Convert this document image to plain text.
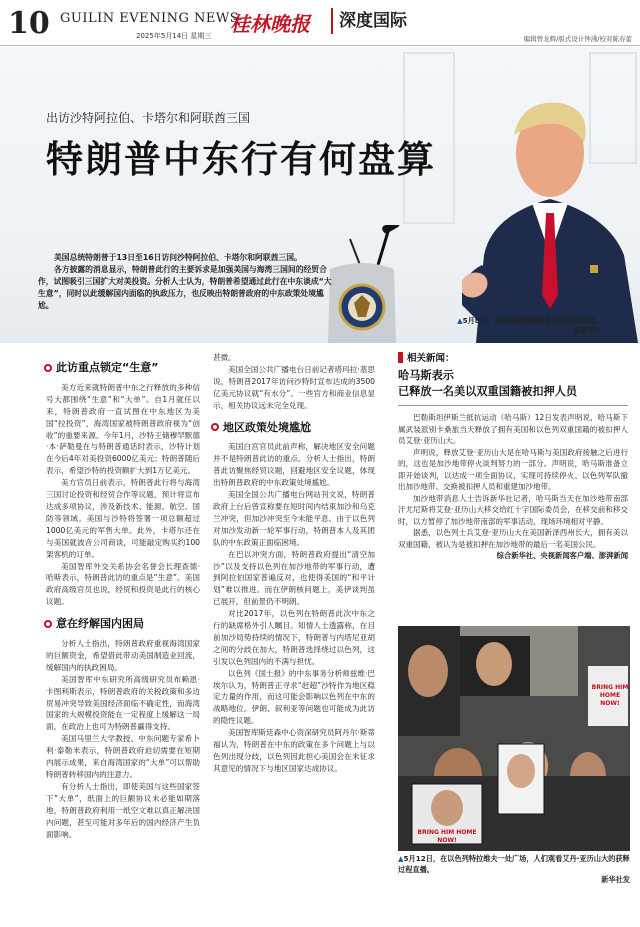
10 GUILIN EVENING NEWS
2025年5月14日 星期三 桂林晚报	深度国际
编辑曾龙辉/版式设计钟沸/校对陈春蕾
出访沙特阿拉伯、卡塔尔和阿联酋三国
特朗普中东行有何盘算

美国总统特朗普于13日至16日访问沙特阿拉伯、卡塔尔和阿联酋三国。

各方披露的消息显示，特朗普此行的主要诉求是加强美国与海湾三国间的经贸合作，试图吸引三国扩大对美投资。分析人士认为，特朗普希望通过此行在中东谈成“大生意”，同时以此缓解国内面临的执政压力，也反映出特朗普政府的中东政策处境尴尬。

▲5月8日，美国总统特朗普在白宫出席活动。
据新华社
此访重点锁定“生意”

美方近来就特朗普中东之行释放的多种信号大都围绕“生意”和“大单”。自1月就任以来，特朗普政府一直试图在中东地区为美国“拉投资”，海湾国家被特朗普政府视为“创收”的重要来源。今年1月，沙特王储穆罕默德·本·萨勒曼在与特朗普通话时表示，沙特计划在今后4年对美投资6000亿美元；特朗普随后表示，希望沙特的投资额扩大到1万亿美元。

美方官员日前表示，特朗普此行将与海湾三国讨论投资和经贸合作等议题，预计将宣布达成多项协议，涉及新技术、能源、航空、国防等领域。美国与沙特将签署一项总额超过1000亿美元的军售大单。此外，卡塔尔还在与美国就波音公司商谈，可能敲定购买约100架客机的订单。

美国智库外交关系协会名誉会长理查德·哈斯表示，特朗普此访的重点是“生意”。美国政府高级官员也说，经贸和投资是此行的核心议题。

意在纾解国内困局

分析人士指出，特朗普政府重视海湾国家的巨额资金，希望借此带动美国制造业回流，缓解国内的执政困局。

美国智库中东研究所高级研究员布赖恩·卡图利斯表示，特朗普政府的关税政策和多边贸易冲突导致美国经济面临不确定性，而海湾国家的大规模投资能在一定程度上缓解这一局面，在政治上也可为特朗普赢得支持。

美国马里兰大学教授、中东问题专家希卜利·泰勒米表示，特朗普政府迫切需要在短期内展示成果，来自海湾国家的“大单”可以帮助特朗普转移国内的注意力。

有分析人士指出，即使美国与这些国家签下“大单”，纸面上的巨额协议未必能如期落地，特朗普政府利用一纸空文难以真正解决国内问题，甚至可能对多年后的国内经济产生负面影响。

甚微。

美国全国公共广播电台日前记者塔玛拉·基思说，特朗普2017年访问沙特时宣布达成的3500亿美元协议就“有水分”。一些官方和商业信息显示，相关协议远未完全兑现。

地区政策处境尴尬

美国白宫官员此前声称，解决地区安全问题并不是特朗普此访的重点。分析人士指出，特朗普此访聚焦经贸议题，回避地区安全议题，体现出特朗普政府的中东政策处境尴尬。

美国全国公共广播电台网站刊文说，特朗普政府上台后曾宣称要在短时间内结束加沙和乌克兰冲突，但加沙冲突至今未能平息。由于以色列对加沙发动新一轮军事行动，特朗普本人及其团队的中东政策正面临困境。

在巴以冲突方面，特朗普政府提出“清空加沙”以及支持以色列在加沙地带的军事行动，遭到阿拉伯国家普遍反对，也使得美国的“和平计划”难以推进。而在伊朗核问题上，美伊谈判虽已展开，但前景仍不明朗。

对比2017年，以色列在特朗普此次中东之行的缺席格外引人瞩目。知情人士透露称，在目前加沙局势持续的情况下，特朗普与内塔尼亚胡之间的分歧在加大，特朗普选择绕过以色列，这引发以色列国内的不满与担忧。

以色列《国土报》的中东事务分析师兹维·巴埃尔认为，特朗普正寻求“赶超”沙特作为地区稳定力量的作用，而这可能会影响以色列在中东的战略地位。伊朗、叙利亚等问题也可能成为此访的隐性议题。

美国智库斯廷森中心资深研究员阿丹尔·斯蒂福认为，特朗普在中东的政策在多个问题上与以色列出现分歧，以色列因此担心美国会在未征求其意见的情况下与地区国家达成协议。

相关新闻：
哈马斯表示
已释放一名美以双重国籍被扣押人员

巴勒斯坦伊斯兰抵抗运动（哈马斯）12日发表声明说，哈马斯下属武装派别卡桑旅当天释放了拥有美国和以色列双重国籍的被扣押人员艾登·亚历山大。

声明说，释放艾登·亚历山大是在哈马斯与美国政府接触之后进行的，这也是加沙地带停火谈判努力的一部分。声明说，哈马斯准备立即开始谈判，以达成一项全面协议，实现可持续停火、以色列军队撤出加沙地带、交换被扣押人员和重建加沙地带。

加沙地带消息人士告诉新华社记者，哈马斯当天在加沙地带南部汗尤尼斯将艾登·亚历山大移交给红十字国际委员会，在移交前和移交时，以方暂停了加沙地带南部的军事活动，现场环境相对平静。

据悉，以色列士兵艾登·亚历山大在美国新泽西州长大，拥有美以双重国籍，被认为是被扣押在加沙地带的最后一名美国公民。

综合新华社、央视新闻客户端、澎湃新闻
BRING HIM HOME NOW!
BRING HIM HOME NOW!
▲5月12日，在以色列特拉维夫一处广场，人们观看艾丹·亚历山大的获释过程直播。
新华社发
